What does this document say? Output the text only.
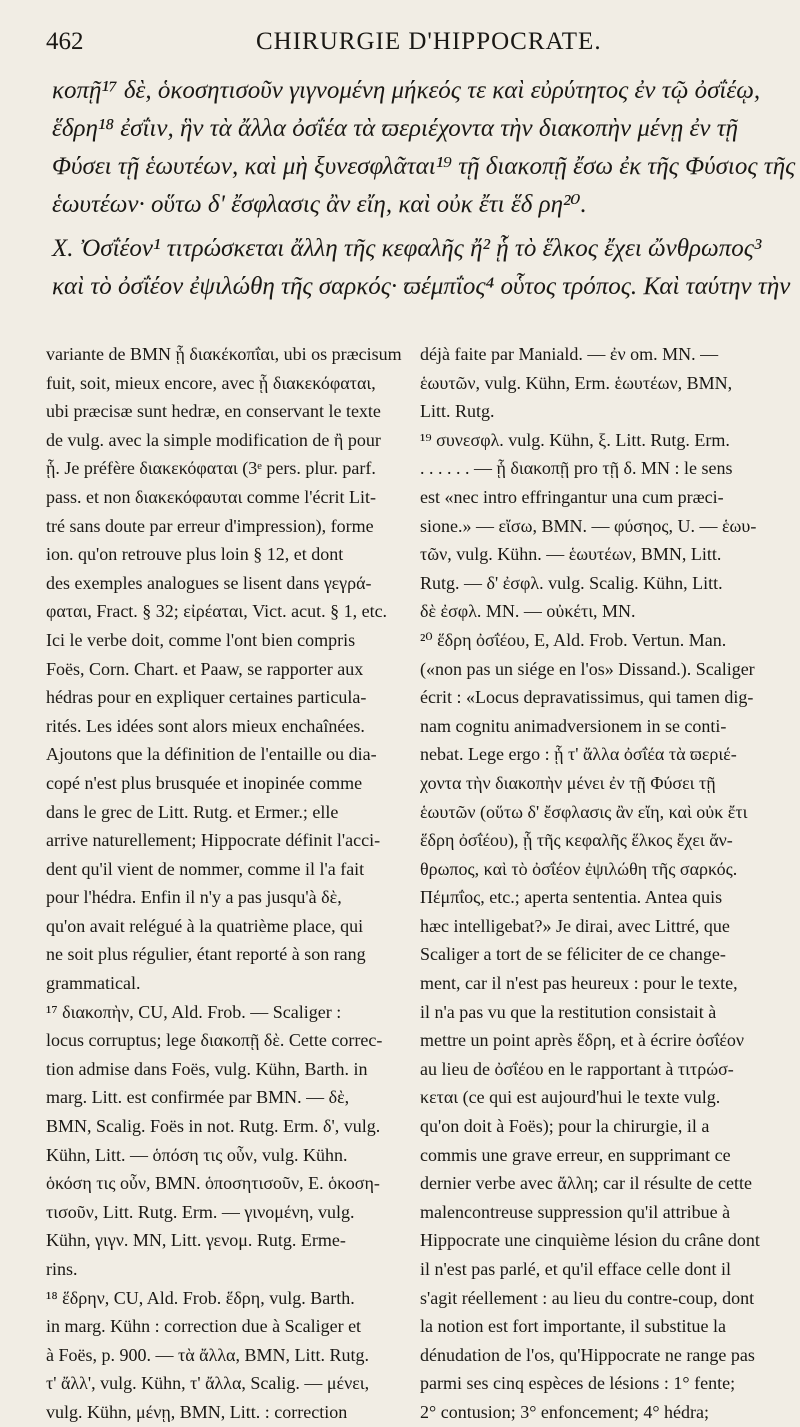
462	CHIRURGIE D'HIPPOCRATE.
κοπῇ¹⁷ δὲ, ὁκοσητισοῦν γιγνομένη μήκεός τε καὶ εὐρύτητος ἐν τῷ ὀσΐέῳ,
ἕδρη¹⁸ ἐσΐιν, ἣν τὰ ἄλλα ὀσΐέα τὰ ϖεριέχοντα τὴν διακοπὴν μένῃ ἐν τῇ
Φύσει τῇ ἑωυτέων, καὶ μὴ ξυνεσφλᾶται¹⁹ τῇ διακοπῇ ἔσω ἐκ τῆς Φύσιος τῆς
ἑωυτέων· οὕτω δ' ἔσφλασις ἂν εἴη, καὶ οὐκ ἔτι ἕδ ρη²⁰.
X. Ὀσΐέον¹ τιτρώσκεται ἄλλη τῆς κεφαλῆς ἤ² ᾗ τὸ ἕλκος ἔχει ὤνθρωπος³
καὶ τὸ ὀσΐέον ἐψιλώθη τῆς σαρκός· ϖέμπΐος⁴ οὗτος τρόπος. Καὶ ταύτην τὴν
variante de BMN ᾗ διακέκοπΐαι, ubi os præcisum
fuit, soit, mieux encore, avec ᾗ διακεκόφαται,
ubi præcisæ sunt hedræ, en conservant le texte
de vulg. avec la simple modification de ἢ pour
ᾗ. Je préfère διακεκόφαται (3ᵉ pers. plur. parf.
pass. et non διακεκόφαυται comme l'écrit Lit-
tré sans doute par erreur d'impression), forme
ion. qu'on retrouve plus loin § 12, et dont
des exemples analogues se lisent dans γεγρά-
φαται, Fract. § 32; εἰρέαται, Vict. acut. § 1, etc.
Ici le verbe doit, comme l'ont bien compris
Foës, Corn. Chart. et Paaw, se rapporter aux
hédras pour en expliquer certaines particula-
rités. Les idées sont alors mieux enchaînées.
Ajoutons que la définition de l'entaille ou dia-
copé n'est plus brusquée et inopinée comme
dans le grec de Litt. Rutg. et Ermer.; elle
arrive naturellement; Hippocrate définit l'acci-
dent qu'il vient de nommer, comme il l'a fait
pour l'hédra. Enfin il n'y a pas jusqu'à δὲ,
qu'on avait relégué à la quatrième place, qui
ne soit plus régulier, étant reporté à son rang
grammatical.
¹⁷ διακοπὴν, CU, Ald. Frob. — Scaliger :
locus corruptus; lege διακοπῇ δὲ. Cette correc-
tion admise dans Foës, vulg. Kühn, Barth. in
marg. Litt. est confirmée par BMN. — δὲ,
BMN, Scalig. Foës in not. Rutg. Erm. δ', vulg.
Kühn, Litt. — ὁπόση τις οὖν, vulg. Kühn.
ὁκόση τις οὖν, BMN. ὁποσητισοῦν, E. ὁκοση-
τισοῦν, Litt. Rutg. Erm. — γινομένη, vulg.
Kühn, γιγν. MN, Litt. γενομ. Rutg. Ermе-
rins.
¹⁸ ἕδρην, CU, Ald. Frob. ἕδρη, vulg. Barth.
in marg. Kühn : correction due à Scaliger et
à Foës, p. 900. — τὰ ἄλλα, BMN, Litt. Rutg.
τ' ἄλλ', vulg. Kühn, τ' ἄλλα, Scalig. — μένει,
vulg. Kühn, μένῃ, BMN, Litt. : correction
déjà faite par Maniald. — ἐν om. MN. —
ἑωυτῶν, vulg. Kühn, Erm. ἑωυτέων, BMN,
Litt. Rutg.
¹⁹ συνεσφλ. vulg. Kühn, ξ. Litt. Rutg. Erm.
. . . . . . — ᾗ διακοπῇ pro τῇ δ. MN : le sens
est «nec intro effringantur una cum præci-
sione.» — εἴσω, BMN. — φύσηος, U. — ἑωυ-
τῶν, vulg. Kühn. — ἑωυτέων, BMN, Litt.
Rutg. — δ' ἐσφλ. vulg. Scalig. Kühn, Litt.
δὲ ἐσφλ. MN. — οὐκέτι, MN.
²⁰ ἕδρη ὀσΐέου, E, Ald. Frob. Vertun. Man.
(«non pas un siége en l'os» Dissand.). Scaliger
écrit : «Locus depravatissimus, qui tamen dig-
nam cognitu animadversionem in se conti-
nebat. Lege ergo : ᾗ τ' ἄλλα ὀσΐέα τὰ ϖεριέ-
χοντα τὴν διακοπὴν μένει ἐν τῇ Φύσει τῇ
ἑωυτῶν (οὕτω δ' ἔσφλασις ἂν εἴη, καὶ οὐκ ἔτι
ἕδρη ὀσΐέου), ᾗ τῆς κεφαλῆς ἕλκος ἔχει ἄν-
θρωπος, καὶ τὸ ὀσΐέον ἐψιλώθη τῆς σαρκός.
Πέμπΐος, etc.; aperta sententia. Antea quis
hæc intelligebat?» Je dirai, avec Littré, que
Scaliger a tort de se féliciter de ce change-
ment, car il n'est pas heureux : pour le texte,
il n'a pas vu que la restitution consistait à
mettre un point après ἕδρη, et à écrire ὀσΐέον
au lieu de ὀσΐέου en le rapportant à τιτρώσ-
κεται (ce qui est aujourd'hui le texte vulg.
qu'on doit à Foës); pour la chirurgie, il a
commis une grave erreur, en supprimant ce
dernier verbe avec ἄλλη; car il résulte de cette
malencontreuse suppression qu'il attribue à
Hippocrate une cinquième lésion du crâne dont
il n'est pas parlé, et qu'il efface celle dont il
s'agit réellement : au lieu du contre-coup, dont
la notion est fort importante, il substitue la
dénudation de l'os, qu'Hippocrate ne range pas
parmi ses cinq espèces de lésions : 1° fente;
2° contusion; 3° enfoncement; 4° hédra;
